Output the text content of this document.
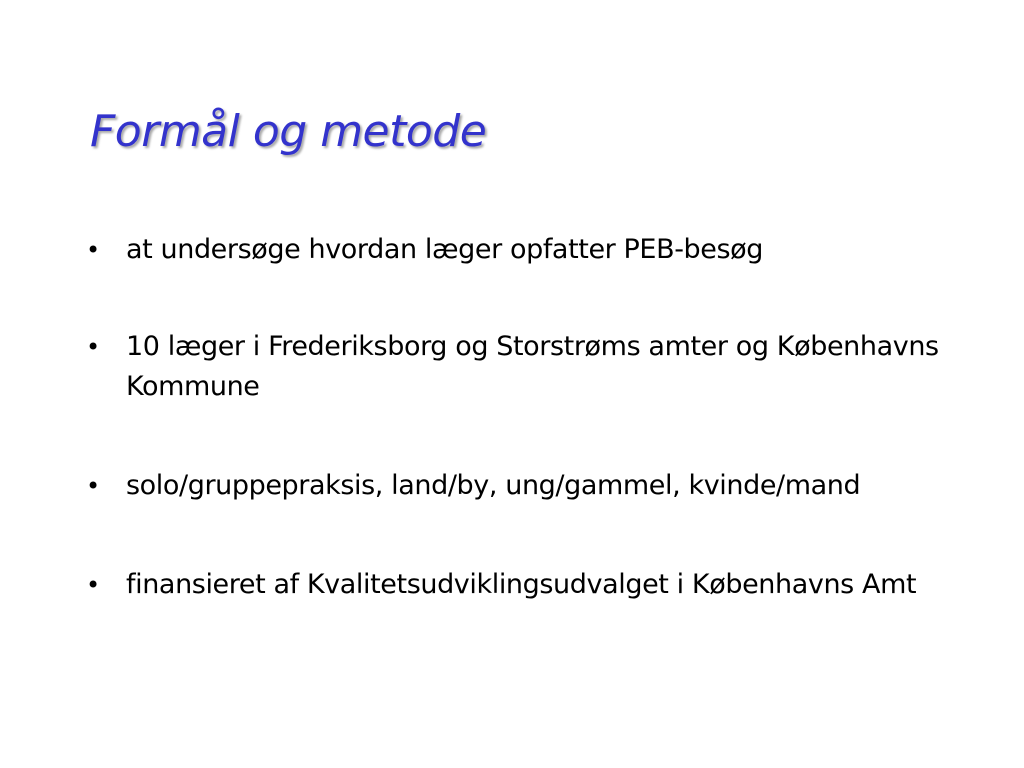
Formål og metode
• at undersøge hvordan læger opfatter PEB-besøg
• 10 læger i Frederiksborg og Storstrøms amter og Københavns Kommune
• solo/gruppepraksis, land/by, ung/gammel, kvinde/mand
• finansieret af Kvalitetsudviklingsudvalget i Københavns Amt
